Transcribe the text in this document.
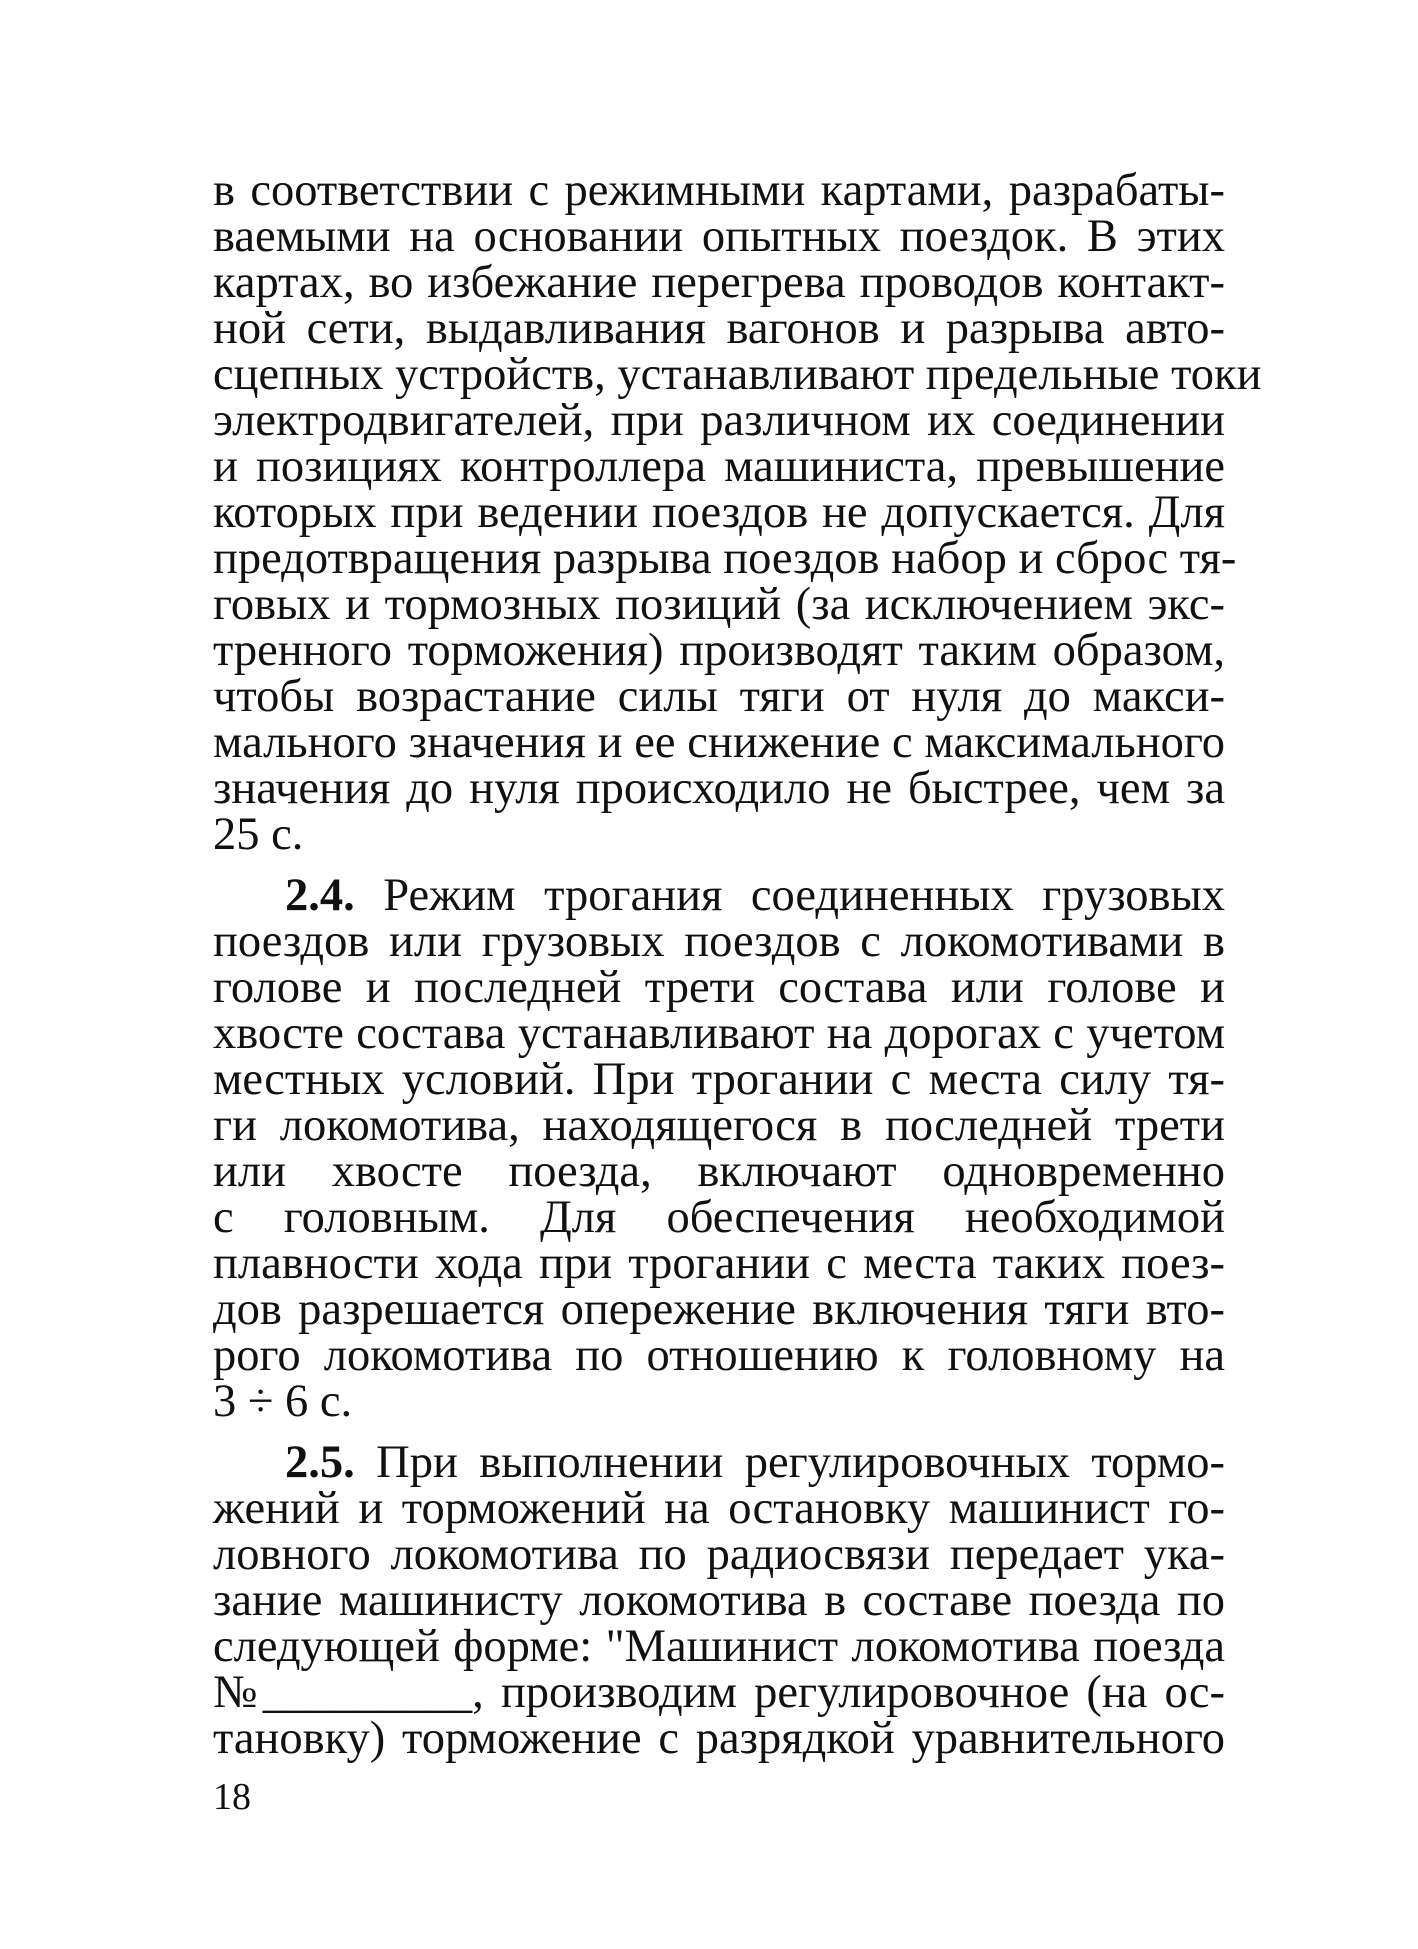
в соответствии с режимными картами, разрабаты-
ваемыми на основании опытных поездок. В этих
картах, во избежание перегрева проводов контакт-
ной сети, выдавливания вагонов и разрыва авто-
сцепных устройств, устанавливают предельные токи
электродвигателей, при различном их соединении
и позициях контроллера машиниста, превышение
которых при ведении поездов не допускается. Для
предотвращения разрыва поездов набор и сброс тя-
говых и тормозных позиций (за исключением экс-
тренного торможения) производят таким образом,
чтобы возрастание силы тяги от нуля до макси-
мального значения и ее снижение с максимального
значения до нуля происходило не быстрее, чем за
25 с.
2.4. Режим трогания соединенных грузовых
поездов или грузовых поездов с локомотивами в
голове и последней трети состава или голове и
хвосте состава устанавливают на дорогах с учетом
местных условий. При трогании с места силу тя-
ги локомотива, находящегося в последней трети
или хвосте поезда, включают одновременно
с головным. Для обеспечения необходимой
плавности хода при трогании с места таких поез-
дов разрешается опережение включения тяги вто-
рого локомотива по отношению к головному на
3 ÷ 6 с.
2.5. При выполнении регулировочных тормо-
жений и торможений на остановку машинист го-
ловного локомотива по радиосвязи передает ука-
зание машинисту локомотива в составе поезда по
следующей форме: "Машинист локомотива поезда
№_________, производим регулировочное (на ос-
тановку) торможение с разрядкой уравнительного
18
